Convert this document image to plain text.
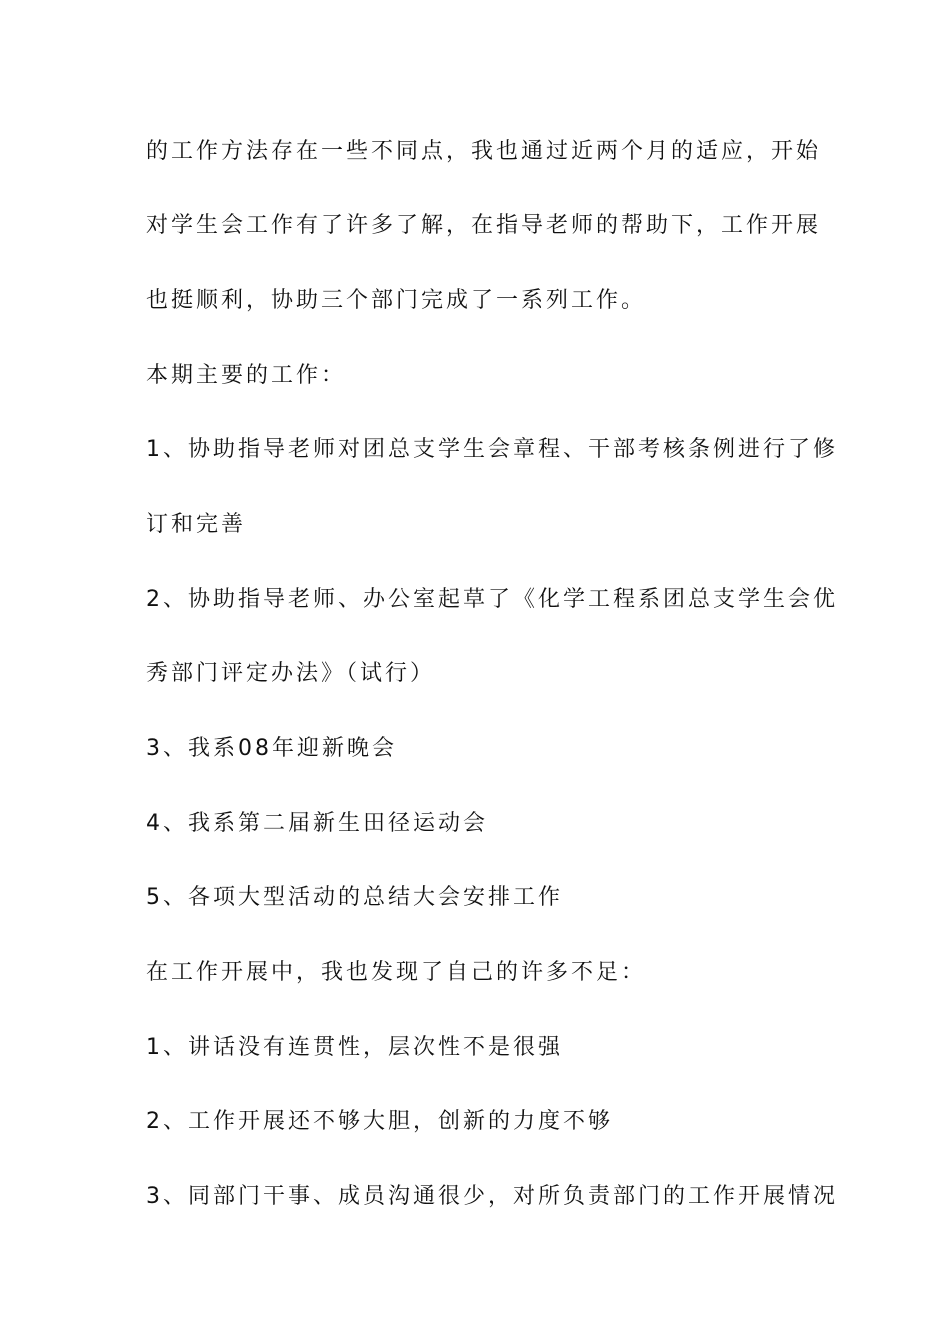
的工作方法存在一些不同点，我也通过近两个月的适应，开始
对学生会工作有了许多了解，在指导老师的帮助下，工作开展
也挺顺利，协助三个部门完成了一系列工作。
本期主要的工作：
1、协助指导老师对团总支学生会章程、干部考核条例进行了修
订和完善
2、协助指导老师、办公室起草了《化学工程系团总支学生会优
秀部门评定办法》（试行）
3、我系08年迎新晚会
4、我系第二届新生田径运动会
5、各项大型活动的总结大会安排工作
在工作开展中，我也发现了自己的许多不足：
1、讲话没有连贯性，层次性不是很强
2、工作开展还不够大胆，创新的力度不够
3、同部门干事、成员沟通很少，对所负责部门的工作开展情况
